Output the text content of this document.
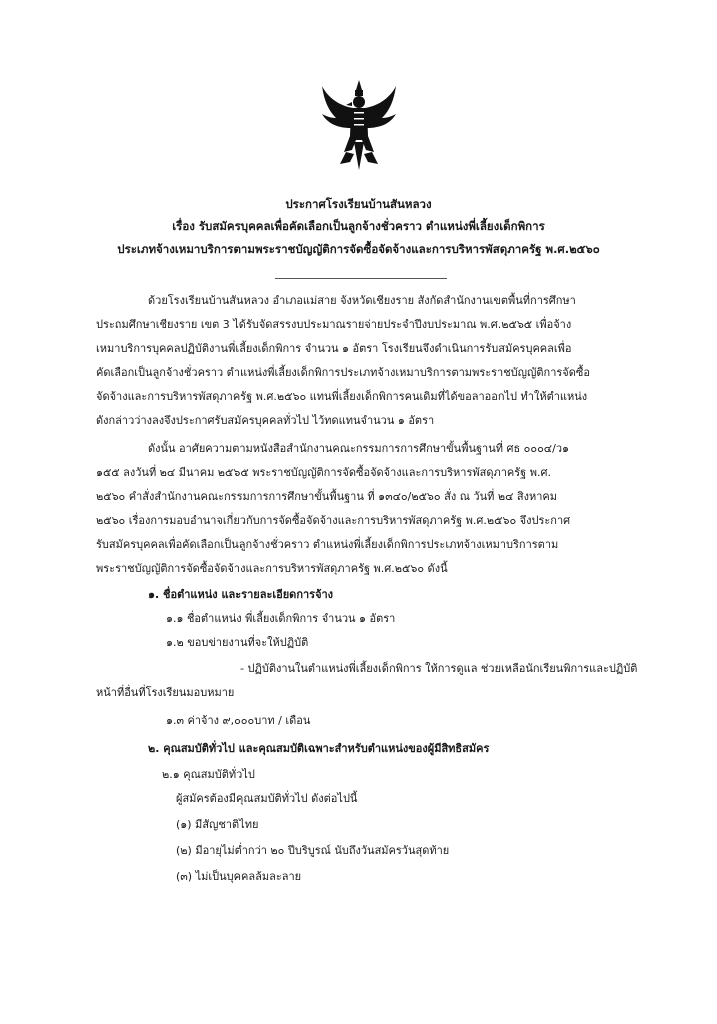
ประกาศโรงเรียนบ้านสันหลวง
เรื่อง รับสมัครบุคคลเพื่อคัดเลือกเป็นลูกจ้างชั่วคราว ตำแหน่งพี่เลี้ยงเด็กพิการ
ประเภทจ้างเหมาบริการตามพระราชบัญญัติการจัดซื้อจัดจ้างและการบริหารพัสดุภาครัฐ พ.ศ.๒๕๖๐
ด้วยโรงเรียนบ้านสันหลวง อำเภอแม่สาย จังหวัดเชียงราย สังกัดสำนักงานเขตพื้นที่การศึกษา
ประถมศึกษาเชียงราย เขต 3 ได้รับจัดสรรงบประมาณรายจ่ายประจำปีงบประมาณ พ.ศ.๒๕๖๕ เพื่อจ้าง
เหมาบริการบุคคลปฏิบัติงานพี่เลี้ยงเด็กพิการ จำนวน ๑ อัตรา โรงเรียนจึงดำเนินการรับสมัครบุคคลเพื่อ
คัดเลือกเป็นลูกจ้างชั่วคราว ตำแหน่งพี่เลี้ยงเด็กพิการประเภทจ้างเหมาบริการตามพระราชบัญญัติการจัดซื้อ
จัดจ้างและการบริหารพัสดุภาครัฐ พ.ศ.๒๕๖๐ แทนพี่เลี้ยงเด็กพิการคนเดิมที่ได้ขอลาออกไป ทำให้ตำแหน่ง
ดังกล่าวว่างลงจึงประกาศรับสมัครบุคคลทั่วไป ไว้ทดแทนจำนวน ๑ อัตรา
ดังนั้น อาศัยความตามหนังสือสำนักงานคณะกรรมการการศึกษาขั้นพื้นฐานที่ ศธ ๐๐๐๔/ว๑
๑๕๕ ลงวันที่ ๒๔ มีนาคม ๒๕๖๕ พระราชบัญญัติการจัดซื้อจัดจ้างและการบริหารพัสดุภาครัฐ พ.ศ.
๒๕๖๐ คำสั่งสำนักงานคณะกรรมการการศึกษาขั้นพื้นฐาน ที่ ๑๓๔๐/๒๕๖๐ สั่ง ณ วันที่ ๒๔ สิงหาคม
๒๕๖๐ เรื่องการมอบอำนาจเกี่ยวกับการจัดซื้อจัดจ้างและการบริหารพัสดุภาครัฐ พ.ศ.๒๕๖๐ จึงประกาศ
รับสมัครบุคคลเพื่อคัดเลือกเป็นลูกจ้างชั่วคราว ตำแหน่งพี่เลี้ยงเด็กพิการประเภทจ้างเหมาบริการตาม
พระราชบัญญัติการจัดซื้อจัดจ้างและการบริหารพัสดุภาครัฐ พ.ศ.๒๕๖๐ ดังนี้
๑. ชื่อตำแหน่ง และรายละเอียดการจ้าง
๑.๑ ชื่อตำแหน่ง พี่เลี้ยงเด็กพิการ จำนวน ๑ อัตรา
๑.๒ ขอบข่ายงานที่จะให้ปฏิบัติ
- ปฏิบัติงานในตำแหน่งพี่เลี้ยงเด็กพิการ ให้การดูแล ช่วยเหลือนักเรียนพิการและปฏิบัติ
หน้าที่อื่นที่โรงเรียนมอบหมาย
๑.๓ ค่าจ้าง ๙,๐๐๐บาท / เดือน
๒. คุณสมบัติทั่วไป และคุณสมบัติเฉพาะสำหรับตำแหน่งของผู้มีสิทธิสมัคร
๒.๑ คุณสมบัติทั่วไป
ผู้สมัครต้องมีคุณสมบัติทั่วไป ดังต่อไปนี้
(๑) มีสัญชาติไทย
(๒) มีอายุไม่ต่ำกว่า ๒๐ ปีบริบูรณ์ นับถึงวันสมัครวันสุดท้าย
(๓) ไม่เป็นบุคคลล้มละลาย
